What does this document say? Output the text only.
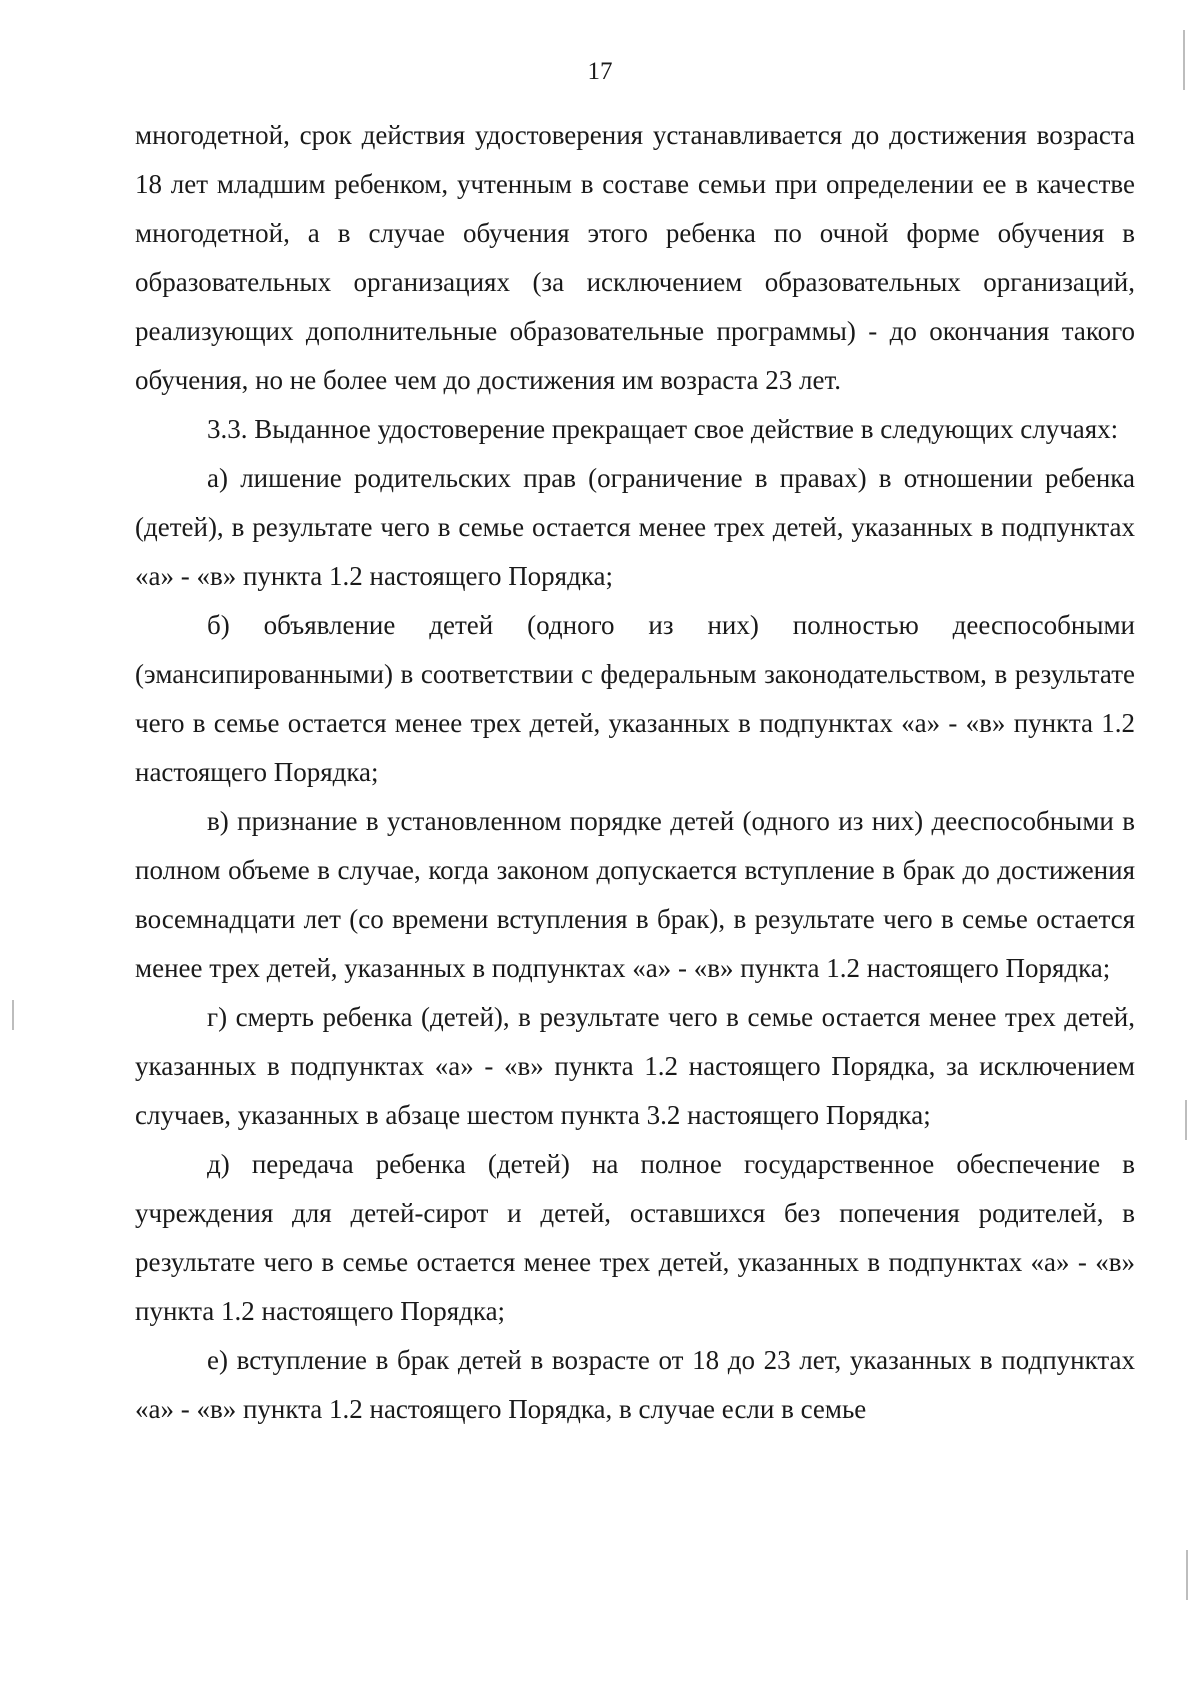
17

многодетной, срок действия удостоверения устанавливается до достижения возраста 18 лет младшим ребенком, учтенным в составе семьи при определении ее в качестве многодетной, а в случае обучения этого ребенка по очной форме обучения в образовательных организациях (за исключением образовательных организаций, реализующих дополнительные образовательные программы) - до окончания такого обучения, но не более чем до достижения им возраста 23 лет.

3.3. Выданное удостоверение прекращает свое действие в следующих случаях:

а) лишение родительских прав (ограничение в правах) в отношении ребенка (детей), в результате чего в семье остается менее трех детей, указанных в подпунктах «а» - «в» пункта 1.2 настоящего Порядка;

б) объявление детей (одного из них) полностью дееспособными (эмансипированными) в соответствии с федеральным законодательством, в результате чего в семье остается менее трех детей, указанных в подпунктах «а» - «в» пункта 1.2 настоящего Порядка;

в) признание в установленном порядке детей (одного из них) дееспособными в полном объеме в случае, когда законом допускается вступление в брак до достижения восемнадцати лет (со времени вступления в брак), в результате чего в семье остается менее трех детей, указанных в подпунктах «а» - «в» пункта 1.2 настоящего Порядка;

г) смерть ребенка (детей), в результате чего в семье остается менее трех детей, указанных в подпунктах «а» - «в» пункта 1.2 настоящего Порядка, за исключением случаев, указанных в абзаце шестом пункта 3.2 настоящего Порядка;

д) передача ребенка (детей) на полное государственное обеспечение в учреждения для детей-сирот и детей, оставшихся без попечения родителей, в результате чего в семье остается менее трех детей, указанных в подпунктах «а» - «в» пункта 1.2 настоящего Порядка;

е) вступление в брак детей в возрасте от 18 до 23 лет, указанных в подпунктах «а» - «в» пункта 1.2 настоящего Порядка, в случае если в семье
